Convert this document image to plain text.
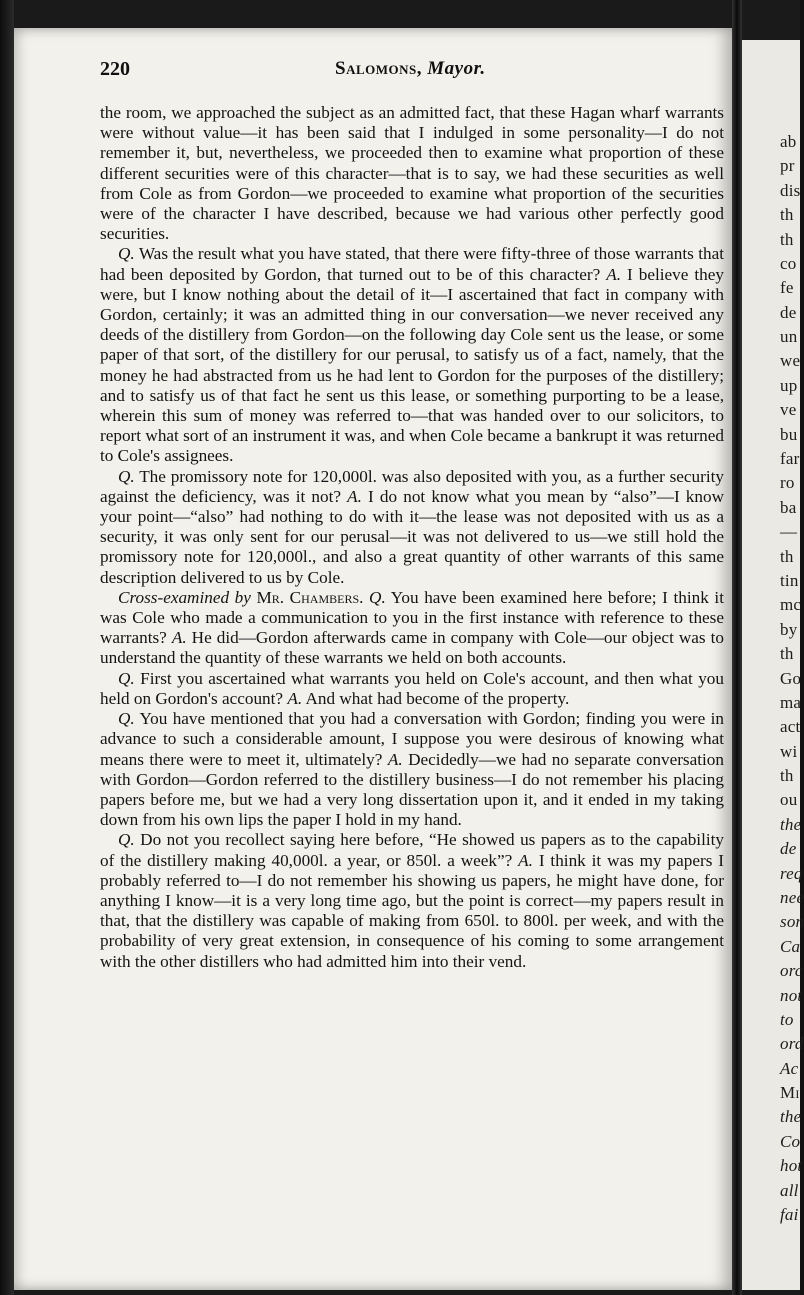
220	Salomons, Mayor.

the room, we approached the subject as an admitted fact, that these Hagan wharf warrants were without value—it has been said that I indulged in some personality—I do not remember it, but, nevertheless, we proceeded then to examine what proportion of these different securities were of this character—that is to say, we had these securities as well from Cole as from Gordon—we proceeded to examine what proportion of the securities were of the character I have described, because we had various other perfectly good securities.

Q. Was the result what you have stated, that there were fifty-three of those warrants that had been deposited by Gordon, that turned out to be of this character? A. I believe they were, but I know nothing about the detail of it—I ascertained that fact in company with Gordon, certainly; it was an admitted thing in our conversation—we never received any deeds of the distillery from Gordon—on the following day Cole sent us the lease, or some paper of that sort, of the distillery for our perusal, to satisfy us of a fact, namely, that the money he had abstracted from us he had lent to Gordon for the purposes of the distillery; and to satisfy us of that fact he sent us this lease, or something purporting to be a lease, wherein this sum of money was referred to—that was handed over to our solicitors, to report what sort of an instrument it was, and when Cole became a bankrupt it was returned to Cole's assignees.

Q. The promissory note for 120,000l. was also deposited with you, as a further security against the deficiency, was it not? A. I do not know what you mean by “also”—I know your point—“also” had nothing to do with it—the lease was not deposited with us as a security, it was only sent for our perusal—it was not delivered to us—we still hold the promissory note for 120,000l., and also a great quantity of other warrants of this same description delivered to us by Cole.

Cross-examined by Mr. Chambers. Q. You have been examined here before; I think it was Cole who made a communication to you in the first instance with reference to these warrants? A. He did—Gordon afterwards came in company with Cole—our object was to understand the quantity of these warrants we held on both accounts.

Q. First you ascertained what warrants you held on Cole's account, and then what you held on Gordon's account? A. And what had become of the property.

Q. You have mentioned that you had a conversation with Gordon; finding you were in advance to such a considerable amount, I suppose you were desirous of knowing what means there were to meet it, ultimately? A. Decidedly—we had no separate conversation with Gordon—Gordon referred to the distillery business—I do not remember his placing papers before me, but we had a very long dissertation upon it, and it ended in my taking down from his own lips the paper I hold in my hand.

Q. Do not you recollect saying here before, “He showed us papers as to the capability of the distillery making 40,000l. a year, or 850l. a week”? A. I think it was my papers I probably referred to—I do not remember his showing us papers, he might have done, for anything I know—it is a very long time ago, but the point is correct—my papers result in that, that the distillery was capable of making from 650l. to 800l. per week, and with the probability of very great extension, in consequence of his coming to some arrangement with the other distillers who had admitted him into their vend.

ab
pr
dis
th
th
co
fe
de
un
we
up
ve
bu
far
ro
ba
—
th
tin
mc
by
th
Go
ma
act
wi
th
ou
the
de
req
nee
son
Ca
orc
not
to
ord
Ac
Mi
the
Co
hot
all
fai
